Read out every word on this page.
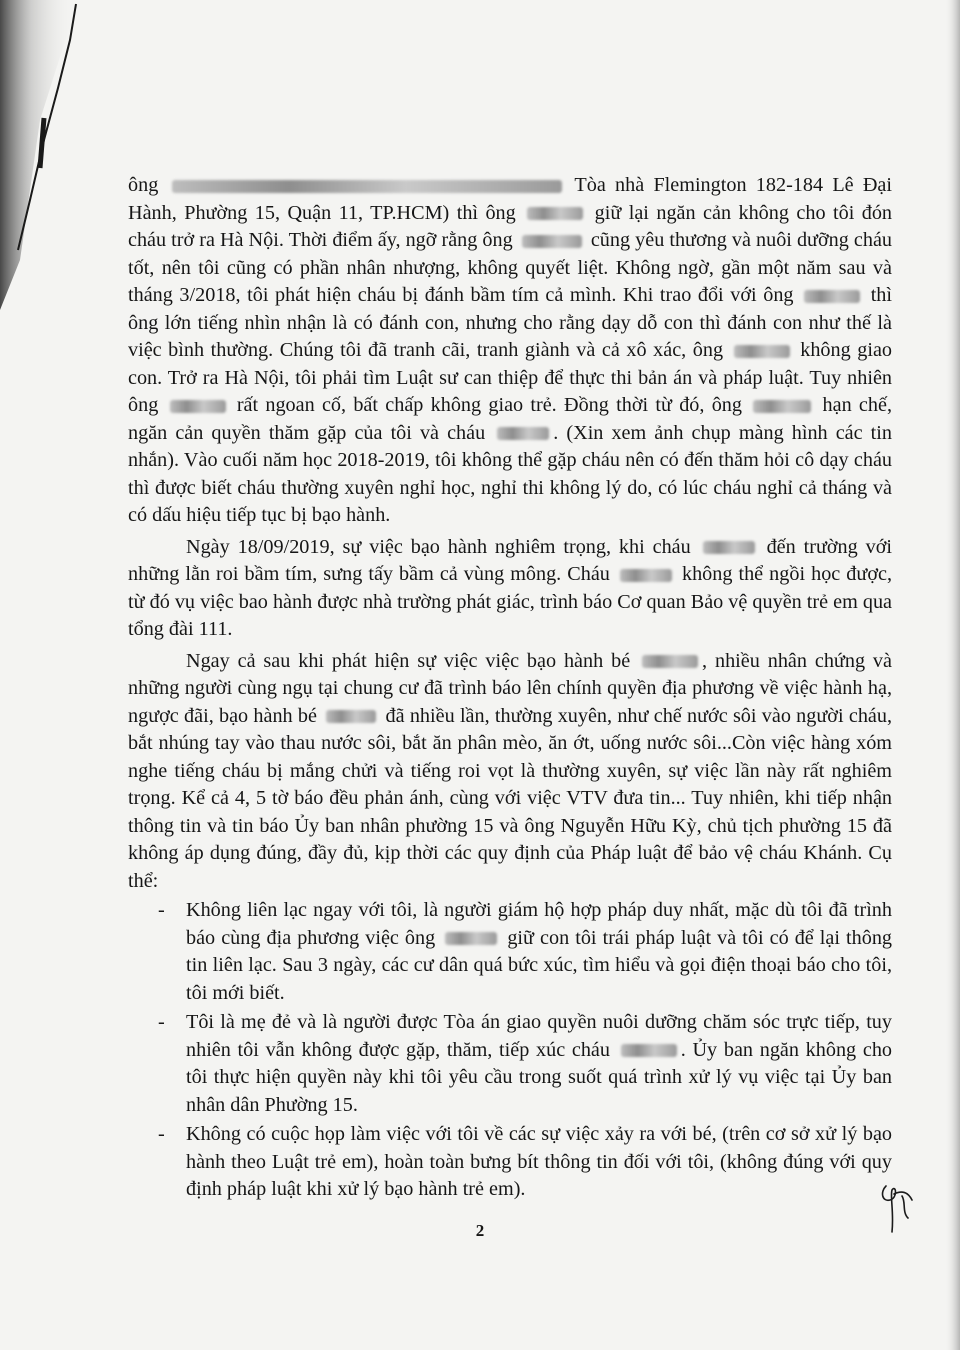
ông	Tòa nhà Flemington 182-184 Lê Đại Hành, Phường 15, Quận 11, TP.HCM) thì ông	giữ lại ngăn cản không cho tôi đón cháu trở ra Hà Nội. Thời điểm ấy, ngỡ rằng ông	cũng yêu thương và nuôi dưỡng cháu tốt, nên tôi cũng có phần nhân nhượng, không quyết liệt. Không ngờ, gần một năm sau và tháng 3/2018, tôi phát hiện cháu bị đánh bầm tím cả mình. Khi trao đổi với ông	thì ông lớn tiếng nhìn nhận là có đánh con, nhưng cho rằng dạy dỗ con thì đánh con như thế là việc bình thường. Chúng tôi đã tranh cãi, tranh giành và cả xô xác, ông	không giao con. Trở ra Hà Nội, tôi phải tìm Luật sư can thiệp để thực thi bản án và pháp luật. Tuy nhiên ông	rất ngoan cố, bất chấp không giao trẻ. Đồng thời từ đó, ông	hạn chế, ngăn cản quyền thăm gặp của tôi và cháu	. (Xin xem ảnh chụp màng hình các tin nhắn). Vào cuối năm học 2018-2019, tôi không thể gặp cháu nên có đến thăm hỏi cô dạy cháu thì được biết cháu thường xuyên nghỉ học, nghỉ thi không lý do, có lúc cháu nghỉ cả tháng và có dấu hiệu tiếp tục bị bạo hành.

Ngày 18/09/2019, sự việc bạo hành nghiêm trọng, khi cháu	đến trường với những lằn roi bầm tím, sưng tấy bầm cả vùng mông. Cháu	không thể ngồi học được, từ đó vụ việc bao hành được nhà trường phát giác, trình báo Cơ quan Bảo vệ quyền trẻ em qua tổng đài 111.

Ngay cả sau khi phát hiện sự việc việc bạo hành bé	, nhiều nhân chứng và những người cùng ngụ tại chung cư đã trình báo lên chính quyền địa phương về việc hành hạ, ngược đãi, bạo hành bé	đã nhiều lần, thường xuyên, như chế nước sôi vào người cháu, bắt nhúng tay vào thau nước sôi, bắt ăn phân mèo, ăn ớt, uống nước sôi...Còn việc hàng xóm nghe tiếng cháu bị mắng chửi và tiếng roi vọt là thường xuyên, sự việc lần này rất nghiêm trọng. Kể cả 4, 5 tờ báo đều phản ánh, cùng với việc VTV đưa tin... Tuy nhiên, khi tiếp nhận thông tin và tin báo Ủy ban nhân phường 15 và ông Nguyễn Hữu Kỳ, chủ tịch phường 15 đã không áp dụng đúng, đầy đủ, kịp thời các quy định của Pháp luật để bảo vệ cháu Khánh. Cụ thể:

- Không liên lạc ngay với tôi, là người giám hộ hợp pháp duy nhất, mặc dù tôi đã trình báo cùng địa phương việc ông	giữ con tôi trái pháp luật và tôi có để lại thông tin liên lạc. Sau 3 ngày, các cư dân quá bức xúc, tìm hiểu và gọi điện thoại báo cho tôi, tôi mới biết.
- Tôi là mẹ đẻ và là người được Tòa án giao quyền nuôi dưỡng chăm sóc trực tiếp, tuy nhiên tôi vẫn không được gặp, thăm, tiếp xúc cháu	. Ủy ban ngăn không cho tôi thực hiện quyền này khi tôi yêu cầu trong suốt quá trình xử lý vụ việc tại Ủy ban nhân dân Phường 15.
- Không có cuộc họp làm việc với tôi về các sự việc xảy ra với bé, (trên cơ sở xử lý bạo hành theo Luật trẻ em), hoàn toàn bưng bít thông tin đối với tôi, (không đúng với quy định pháp luật khi xử lý bạo hành trẻ em).
2
